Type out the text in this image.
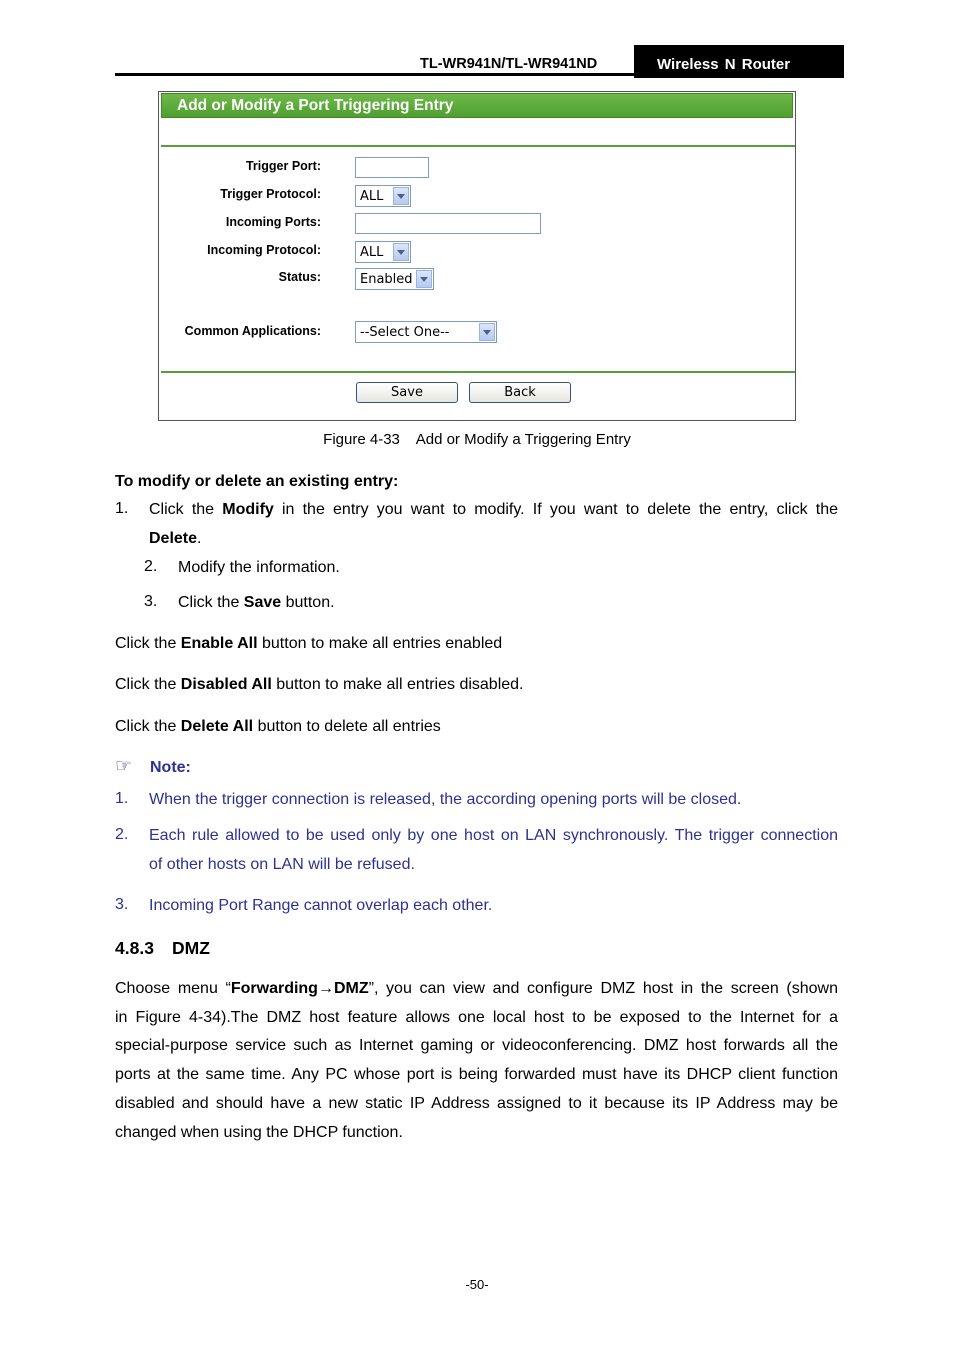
TL-WR941N/TL-WR941ND	Wireless N Router
Add or Modify a Port Triggering Entry
Trigger Port:
Trigger Protocol:	ALL
Incoming Ports:
Incoming Protocol:	ALL
Status:	Enabled
Common Applications:	--Select One--
Save	Back
Figure 4-33    Add or Modify a Triggering Entry
To modify or delete an existing entry:
1. Click the Modify in the entry you want to modify. If you want to delete the entry, click the
Delete.
2. Modify the information.
3. Click the Save button.
Click the Enable All button to make all entries enabled
Click the Disabled All button to make all entries disabled.
Click the Delete All button to delete all entries
☞ Note:
1. When the trigger connection is released, the according opening ports will be closed.
2. Each rule allowed to be used only by one host on LAN synchronously. The trigger connection
of other hosts on LAN will be refused.
3. Incoming Port Range cannot overlap each other.
4.8.3 DMZ
Choose menu “Forwarding→DMZ”, you can view and configure DMZ host in the screen (shown
in Figure 4-34).The DMZ host feature allows one local host to be exposed to the Internet for a
special-purpose service such as Internet gaming or videoconferencing. DMZ host forwards all the
ports at the same time. Any PC whose port is being forwarded must have its DHCP client function
disabled and should have a new static IP Address assigned to it because its IP Address may be
changed when using the DHCP function.
-50-
